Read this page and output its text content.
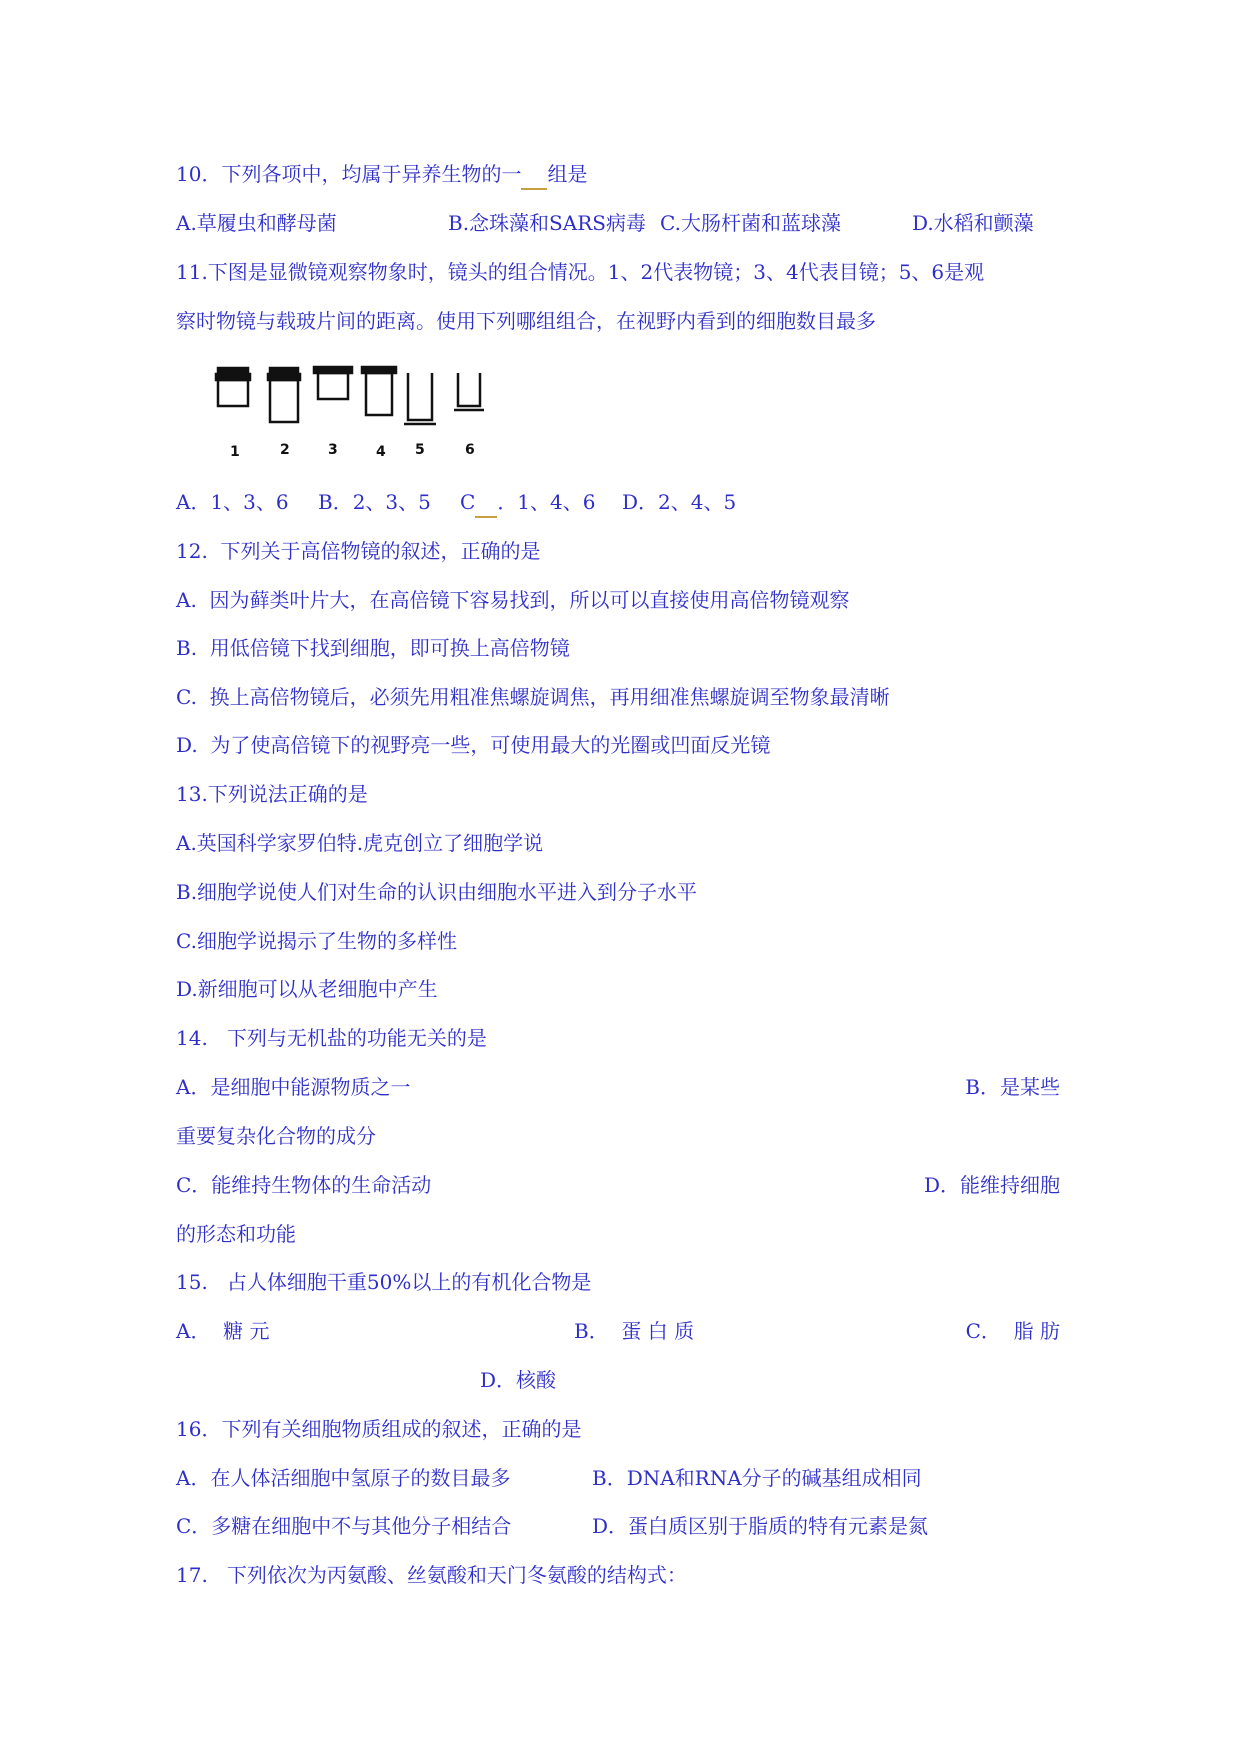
10．下列各项中，均属于异养生物的一 组是
A.草履虫和酵母菌	B.念珠藻和SARS病毒 C.大肠杆菌和蓝球藻	D.水稻和颤藻
11.下图是显微镜观察物象时，镜头的组合情况。1、2代表物镜；3、4代表目镜；5、6是观
察时物镜与载玻片间的距离。使用下列哪组组合，在视野内看到的细胞数目最多
1	2	3	4 5	6
A．1、3、6 B．2、3、5 C ．1、4、6 D．2、4、5
12.  下列关于高倍物镜的叙述，正确的是
A.  因为藓类叶片大，在高倍镜下容易找到，所以可以直接使用高倍物镜观察
B.  用低倍镜下找到细胞，即可换上高倍物镜
C.  换上高倍物镜后，必须先用粗准焦螺旋调焦，再用细准焦螺旋调至物象最清晰
D.  为了使高倍镜下的视野亮一些，可使用最大的光圈或凹面反光镜
13.下列说法正确的是
A.英国科学家罗伯特.虎克创立了细胞学说
B.细胞学说使人们对生命的认识由细胞水平进入到分子水平
C.细胞学说揭示了生物的多样性
D.新细胞可以从老细胞中产生
14.   下列与无机盐的功能无关的是
A．是细胞中能源物质之一	B．是某些
重要复杂化合物的成分
C．能维持生物体的生命活动	D．能维持细胞
的形态和功能
15.   占人体细胞干重50%以上的有机化合物是
A．  糖 元	B．  蛋 白 质	C．  脂 肪
D．核酸
16．下列有关细胞物质组成的叙述，正确的是
A．在人体活细胞中氢原子的数目最多	B．DNA和RNA分子的碱基组成相同
C．多糖在细胞中不与其他分子相结合	D．蛋白质区别于脂质的特有元素是氮
17.   下列依次为丙氨酸、丝氨酸和天门冬氨酸的结构式：
